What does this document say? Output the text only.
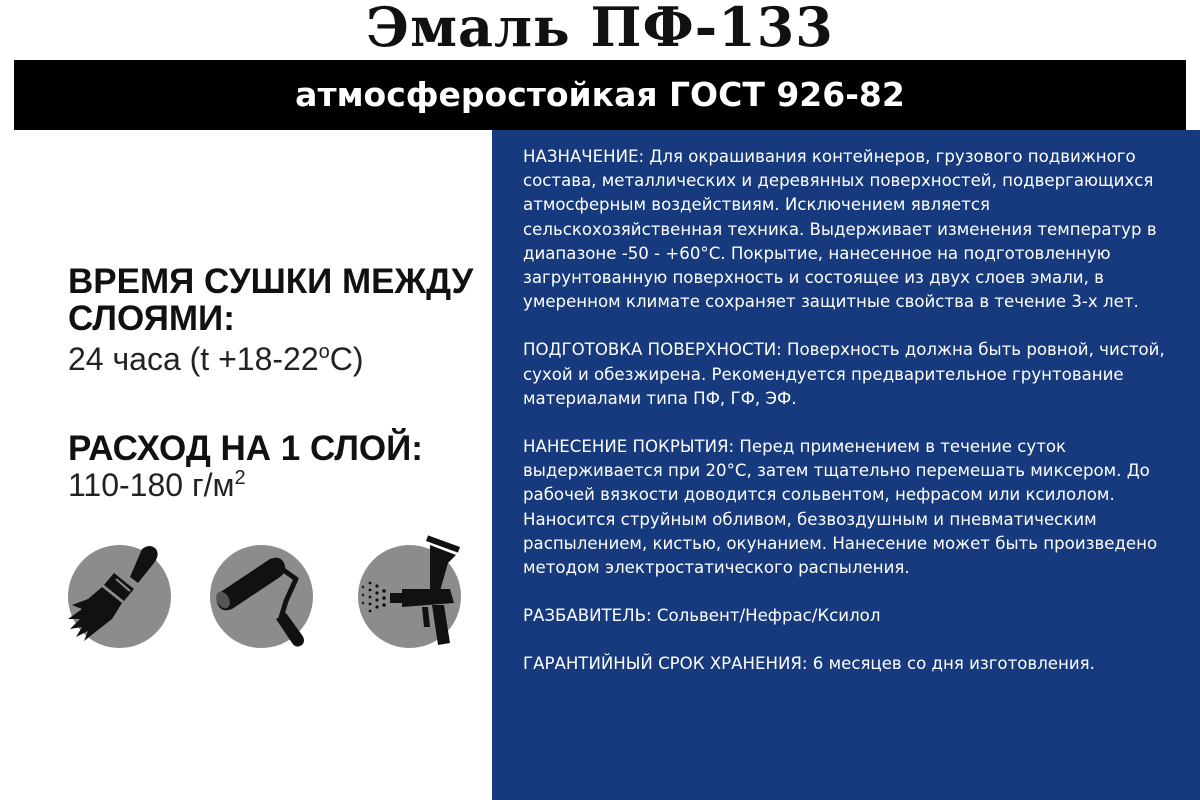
Эмаль ПФ-133
атмосферостойкая ГОСТ 926-82
ВРЕМЯ СУШКИ МЕЖДУ СЛОЯМИ:
24 часа $(t +18-22^оС)$
РАСХОД НА 1 СЛОЙ:
110-180 $г/м^2$

НАЗНАЧЕНИЕ: Для окрашивания контейнеров, грузового подвижного состава, металлических и деревянных поверхностей, подвергающихся атмосферным воздействиям. Исключением является сельскохозяйственная техника. Выдерживает изменения температур в диапазоне -50 - +60°С. Покрытие, нанесенное на подготовленную загрунтованную поверхность и состоящее из двух слоев эмали, в умеренном климате сохраняет защитные свойства в течение 3-х лет.

ПОДГОТОВКА ПОВЕРХНОСТИ: Поверхность должна быть ровной, чистой, сухой и обезжирена. Рекомендуется предварительное грунтование материалами типа ПФ, ГФ, ЭФ.

НАНЕСЕНИЕ ПОКРЫТИЯ: Перед применением в течение суток выдерживается при 20°С, затем тщательно перемешать миксером. До рабочей вязкости доводится сольвентом, нефрасом или ксилолом. Наносится струйным обливом, безвоздушным и пневматическим распылением, кистью, окунанием. Нанесение может быть произведено методом электростатического распыления.

РАЗБАВИТЕЛЬ: Сольвент/Нефрас/Ксилол

ГАРАНТИЙНЫЙ СРОК ХРАНЕНИЯ: 6 месяцев со дня изготовления.
